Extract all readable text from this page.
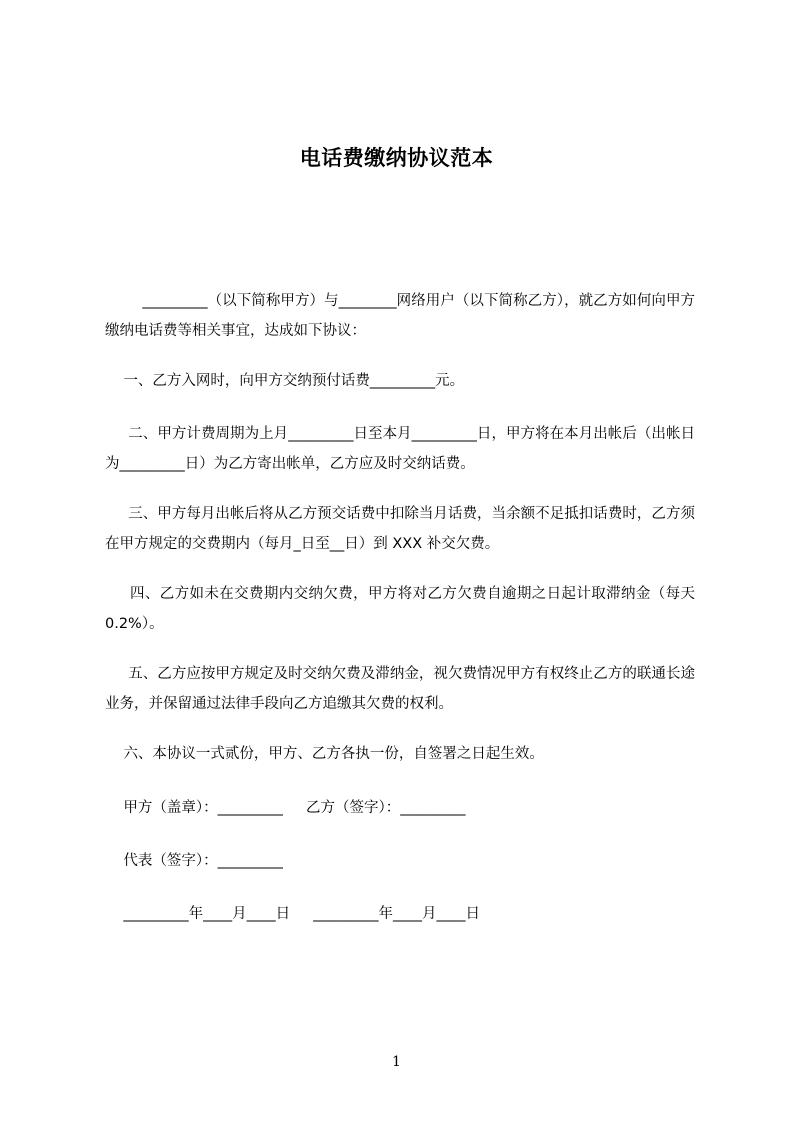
电话费缴纳协议范本
_________（以下简称甲方）与________网络用户（以下简称乙方），就乙方如何向甲方缴纳电话费等相关事宜，达成如下协议：
一、乙方入网时，向甲方交纳预付话费_________元。
二、甲方计费周期为上月_________日至本月_________日，甲方将在本月出帐后（出帐日为_________日）为乙方寄出帐单，乙方应及时交纳话费。
三、甲方每月出帐后将从乙方预交话费中扣除当月话费，当余额不足抵扣话费时，乙方须在甲方规定的交费期内（每月_日至__日）到 XXX 补交欠费。
四、乙方如未在交费期内交纳欠费，甲方将对乙方欠费自逾期之日起计取滞纳金（每天 0.2%）。
五、乙方应按甲方规定及时交纳欠费及滞纳金，视欠费情况甲方有权终止乙方的联通长途业务，并保留通过法律手段向乙方追缴其欠费的权利。
六、本协议一式贰份，甲方、乙方各执一份，自签署之日起生效。
甲方（盖章）：_________     乙方（签字）：_________
代表（签字）：_________
_________年____月____日     _________年____月____日
1
